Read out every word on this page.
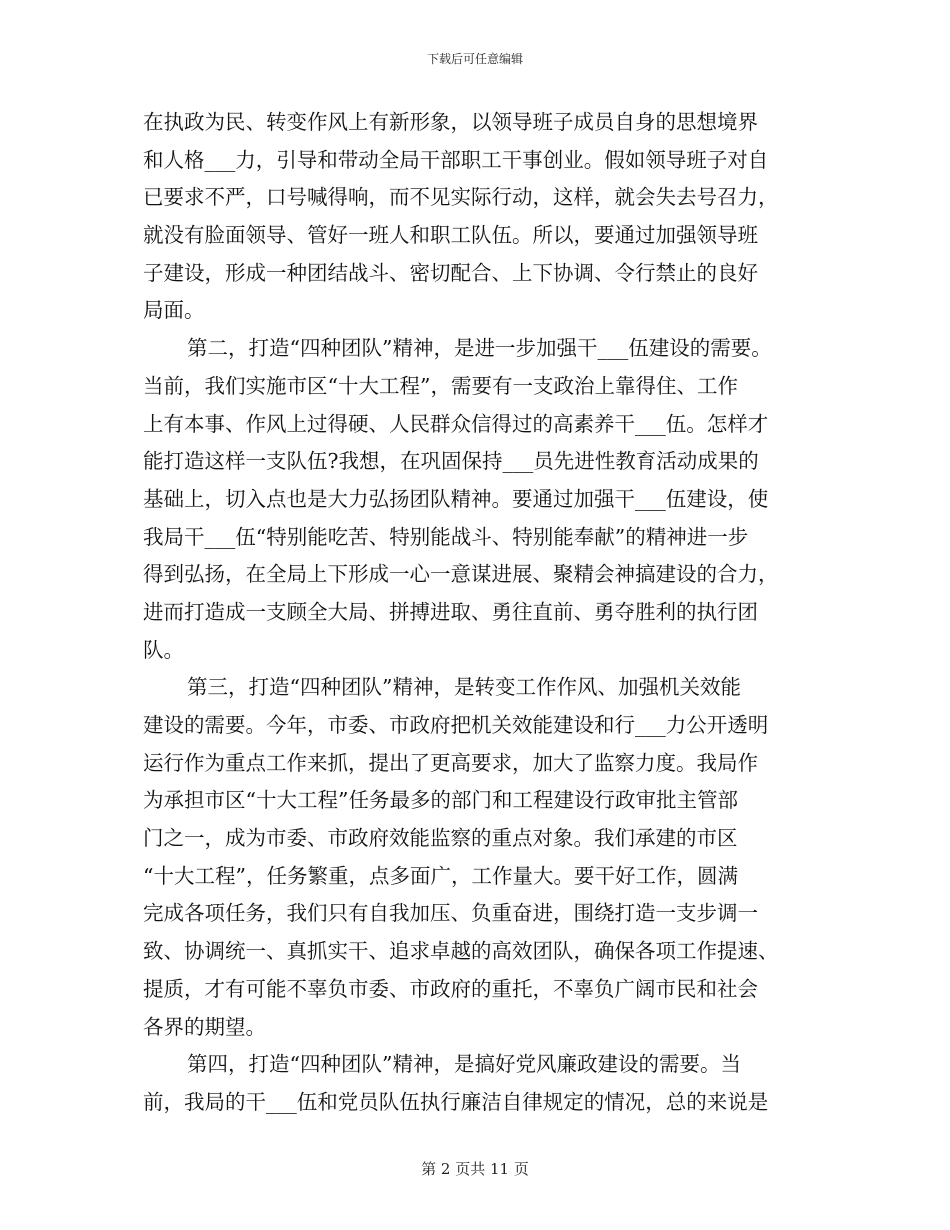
下载后可任意编辑
在执政为民、转变作风上有新形象，以领导班子成员自身的思想境界
和人格___力，引导和带动全局干部职工干事创业。假如领导班子对自
已要求不严，口号喊得响，而不见实际行动，这样，就会失去号召力，
就没有脸面领导、管好一班人和职工队伍。所以，要通过加强领导班
子建设，形成一种团结战斗、密切配合、上下协调、令行禁止的良好
局面。
第二，打造“四种团队”精神，是进一步加强干___伍建设的需要。
当前，我们实施市区“十大工程”，需要有一支政治上靠得住、工作
上有本事、作风上过得硬、人民群众信得过的高素养干___伍。怎样才
能打造这样一支队伍?我想，在巩固保持___员先进性教育活动成果的
基础上，切入点也是大力弘扬团队精神。要通过加强干___伍建设，使
我局干___伍“特别能吃苦、特别能战斗、特别能奉献”的精神进一步
得到弘扬，在全局上下形成一心一意谋进展、聚精会神搞建设的合力，
进而打造成一支顾全大局、拼搏进取、勇往直前、勇夺胜利的执行团
队。
第三，打造“四种团队”精神，是转变工作作风、加强机关效能
建设的需要。今年，市委、市政府把机关效能建设和行___力公开透明
运行作为重点工作来抓，提出了更高要求，加大了监察力度。我局作
为承担市区“十大工程”任务最多的部门和工程建设行政审批主管部
门之一，成为市委、市政府效能监察的重点对象。我们承建的市区
“十大工程”，任务繁重，点多面广，工作量大。要干好工作，圆满
完成各项任务，我们只有自我加压、负重奋进，围绕打造一支步调一
致、协调统一、真抓实干、追求卓越的高效团队，确保各项工作提速、
提质，才有可能不辜负市委、市政府的重托，不辜负广阔市民和社会
各界的期望。
第四，打造“四种团队”精神，是搞好党风廉政建设的需要。当
前，我局的干___伍和党员队伍执行廉洁自律规定的情况，总的来说是
第 2 页共 11 页
